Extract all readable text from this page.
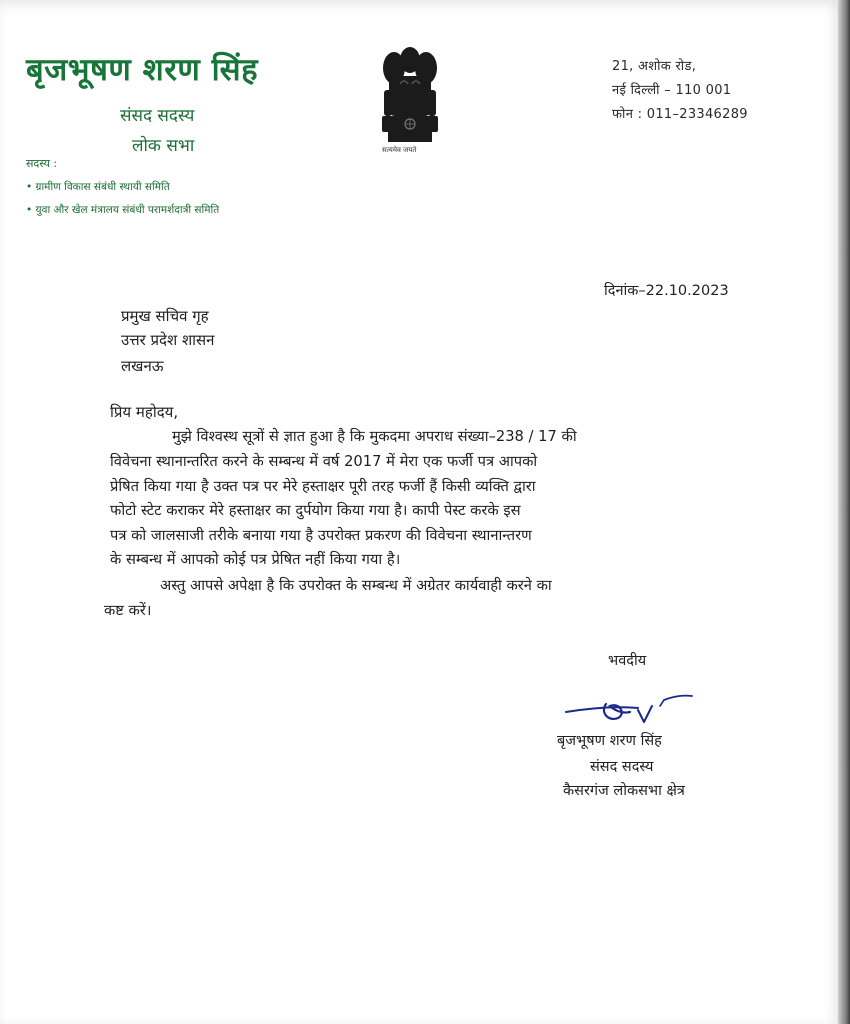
बृजभूषण शरण सिंह
संसद सदस्य
लोक सभा
सदस्य :
• ग्रामीण विकास संबंधी स्थायी समिति
• युवा और खेल मंत्रालय संबंधी परामर्शदात्री समिति
सत्यमेव जयते
21, अशोक रोड,
नई दिल्ली – 110 001
फोन : 011–23346289
दिनांक–22.10.2023
प्रमुख सचिव गृह
उत्तर प्रदेश शासन
लखनऊ
प्रिय महोदय,
मुझे विश्वस्थ सूत्रों से ज्ञात हुआ है कि मुकदमा अपराध संख्या–238 / 17 की
विवेचना स्थानान्तरित करने के सम्बन्ध में वर्ष 2017 में मेरा एक फर्जी पत्र आपको
प्रेषित किया गया है उक्त पत्र पर मेरे हस्ताक्षर पूरी तरह फर्जी हैं किसी व्यक्ति द्वारा
फोटो स्टेट कराकर मेरे हस्ताक्षर का दुर्पयोग किया गया है। कापी पेस्ट करके इस
पत्र को जालसाजी तरीके बनाया गया है उपरोक्त प्रकरण की विवेचना स्थानान्तरण
के सम्बन्ध में आपको कोई पत्र प्रेषित नहीं किया गया है।
अस्तु आपसे अपेक्षा है कि उपरोक्त के सम्बन्ध में अग्रेतर कार्यवाही करने का
कष्ट करें।
भवदीय
बृजभूषण शरण सिंह
संसद सदस्य
कैसरगंज लोकसभा क्षेत्र
